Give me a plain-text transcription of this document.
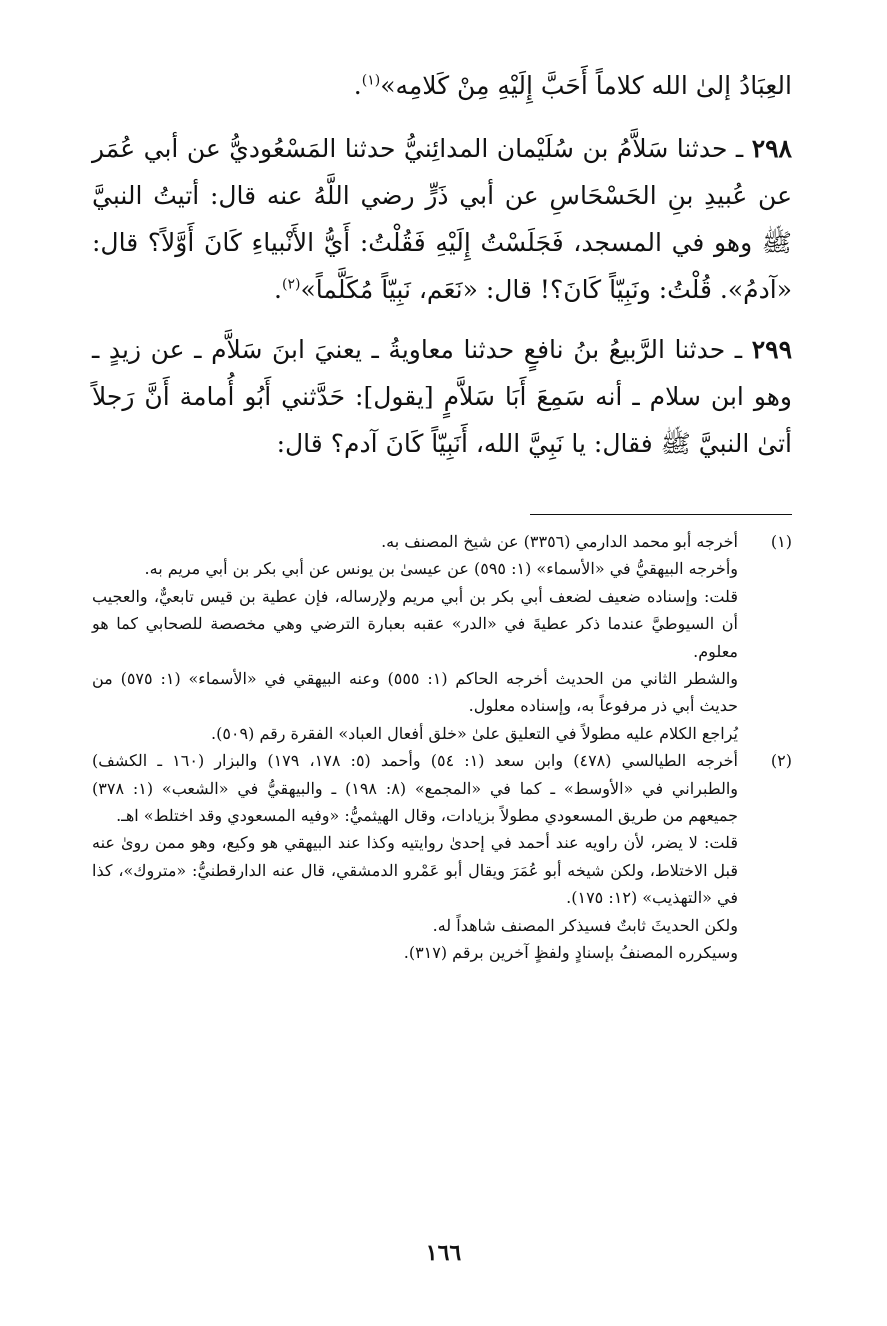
العِبَادُ إلىٰ الله كلاماً أَحَبَّ إِلَيْهِ مِنْ كَلامِه»$^{(١)}$.

٢٩٨ ـ حدثنا سَلاَّمُ بن سُلَيْمان المدائِنيُّ حدثنا المَسْعُوديُّ عن أبي عُمَر عن عُبيدِ بنِ الحَسْحَاسِ عن أبي ذَرٍّ رضي اللَّهُ عنه قال: أتيتُ النبيَّ ﷺ وهو في المسجد، فَجَلَسْتُ إِلَيْهِ فَقُلْتُ: أَيُّ الأَنْبياءِ كَانَ أَوَّلاً؟ قال: «آدمُ». قُلْتُ: ونَبِيّاً كَانَ؟! قال: «نَعَم، نَبِيّاً مُكَلَّماً»$^{(٢)}$.

٢٩٩ ـ حدثنا الرَّبيعُ بنُ نافعٍ حدثنا معاويةُ ـ يعنيَ ابنَ سَلاَّم ـ عن زيدٍ ـ وهو ابن سلام ـ أنه سَمِعَ أَبَا سَلاَّمٍ [يقول]: حَدَّثني أَبُو أُمامة أَنَّ رَجلاً أتىٰ النبيَّ ﷺ فقال: يا نَبِيَّ الله، أَنَبِيّاً كَانَ آدم؟ قال:

(١)

أخرجه أبو محمد الدارمي (٣٣٥٦) عن شيخ المصنف به.

وأخرجه البيهقيُّ في «الأسماء» (١: ٥٩٥) عن عيسىٰ بن يونس عن أبي بكر بن أبي مريم به.

قلت: وإسناده ضعيف لضعف أبي بكر بن أبي مريم ولإرساله، فإن عطية بن قيس تابعيٌّ، والعجيب أن السيوطيَّ عندما ذكر عطيةَ في «الدر» عقبه بعبارة الترضي وهي مخصصة للصحابي كما هو معلوم.

والشطر الثاني من الحديث أخرجه الحاكم (١: ٥٥٥) وعنه البيهقي في «الأسماء» (١: ٥٧٥) من حديث أبي ذر مرفوعاً به، وإسناده معلول.

يُراجع الكلام عليه مطولاً في التعليق علىٰ «خلق أفعال العباد» الفقرة رقم (٥٠٩).

(٢)

أخرجه الطيالسي (٤٧٨) وابن سعد (١: ٥٤) وأحمد (٥: ١٧٨، ١٧٩) والبزار (١٦٠ ـ الكشف) والطبراني في «الأوسط» ـ كما في «المجمع» (٨: ١٩٨) ـ والبيهقيُّ في «الشعب» (١: ٣٧٨) جميعهم من طريق المسعودي مطولاً بزيادات، وقال الهيثميُّ: «وفيه المسعودي وقد اختلط» اهـ.

قلت: لا يضر، لأن راويه عند أحمد في إحدىٰ روايتيه وكذا عند البيهقي هو وكيع، وهو ممن روىٰ عنه قبل الاختلاط، ولكن شيخه أبو عُمَرَ ويقال أبو عَمْرو الدمشقي، قال عنه الدارقطنيُّ: «متروك»، كذا في «التهذيب» (١٢: ١٧٥).

ولكن الحديثَ ثابتٌ فسيذكر المصنف شاهداً له.

وسيكرره المصنفُ بإسنادٍ ولفظٍ آخرين برقم (٣١٧).

١٦٦
